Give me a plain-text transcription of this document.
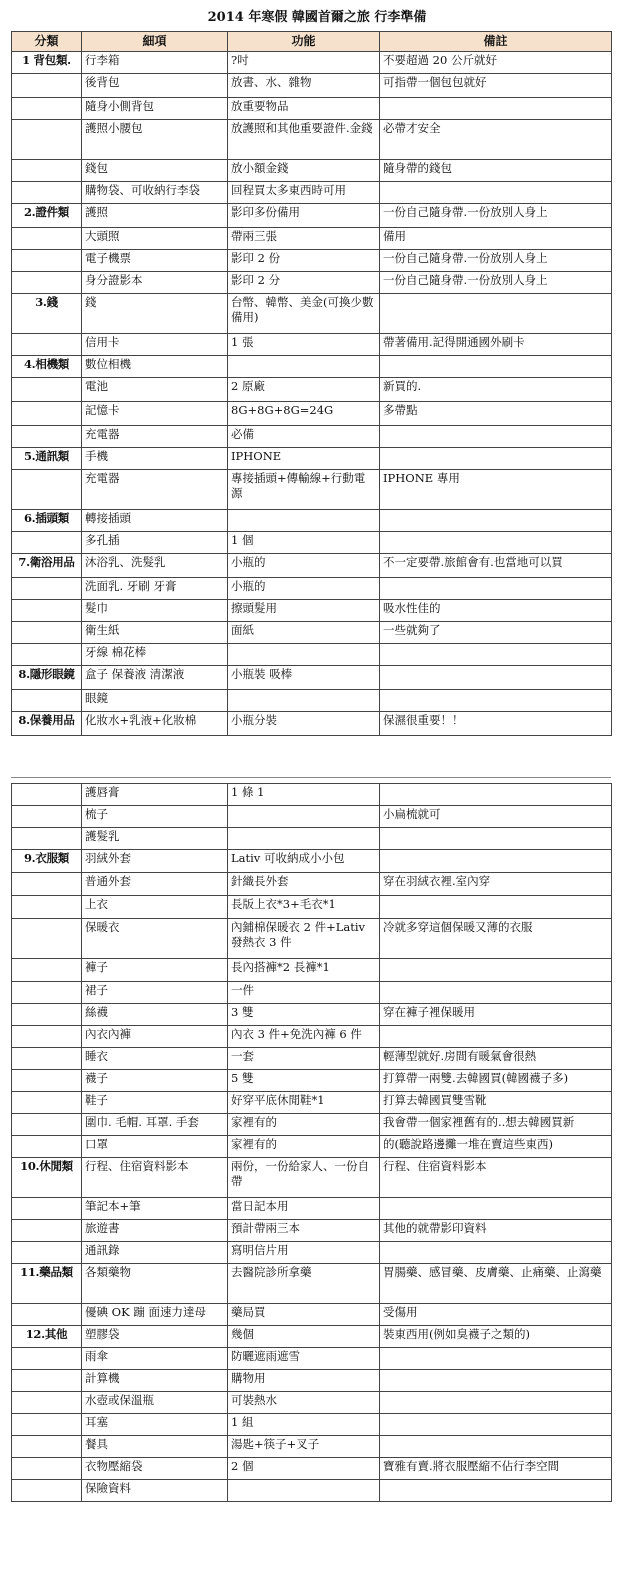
2014 年寒假 韓國首爾之旅 行李準備
分類	細項	功能	備註
1 背包類.	行李箱	?吋	不要超過 20 公斤就好
	後背包	放書、水、雜物	可指帶一個包包就好
	隨身小側背包	放重要物品	
	護照小腰包	放護照和其他重要證件.金錢	必帶才安全
	錢包	放小額金錢	隨身帶的錢包
	購物袋、可收納行李袋	回程買太多東西時可用	
2.證件類	護照	影印多份備用	一份自己隨身帶.一份放別人身上
	大頭照	帶兩三張	備用
	電子機票	影印 2 份	一份自己隨身帶.一份放別人身上
	身分證影本	影印 2 分	一份自己隨身帶.一份放別人身上
3.錢	錢	台幣、韓幣、美金(可換少數備用)	
	信用卡	1 張	帶著備用.記得開通國外刷卡
4.相機類	數位相機		
	電池	2 原廠	新買的.
	記憶卡	8G+8G+8G=24G	多帶點
	充電器	必備	
5.通訊類	手機	IPHONE	
	充電器	專接插頭+傳輸線+行動電源	IPHONE 專用
6.插頭類	轉接插頭		
	多孔插	1 個	
7.衛浴用品	沐浴乳、洗髮乳	小瓶的	不一定要帶.旅館會有.也當地可以買
	洗面乳. 牙刷 牙膏	小瓶的	
	髮巾	擦頭髮用	吸水性佳的
	衛生紙	面紙	一些就夠了
	牙線 棉花棒		
8.隱形眼鏡	盒子 保養液 清潔液	小瓶裝 吸棒	
	眼鏡		
8.保養用品	化妝水+乳液+化妝棉	小瓶分裝	保濕很重要！！
	護唇膏	1 條 1	
	梳子		小扁梳就可
	護髮乳		
9.衣服類	羽絨外套	Lativ 可收納成小小包	
	普通外套	針織長外套	穿在羽絨衣裡.室內穿
	上衣	長版上衣*3+毛衣*1	
	保暖衣	內鋪棉保暖衣 2 件+Lativ 發熱衣 3 件	冷就多穿這個保暖又薄的衣服
	褲子	長內搭褲*2 長褲*1	
	裙子	一件	
	絲襪	3 雙	穿在褲子裡保暖用
	內衣內褲	內衣 3 件+免洗內褲 6 件	
	睡衣	一套	輕薄型就好.房間有暖氣會很熱
	襪子	5 雙	打算帶一兩雙.去韓國買(韓國襪子多)
	鞋子	好穿平底休閒鞋*1	打算去韓國買雙雪靴
	圍巾. 毛帽. 耳罩. 手套	家裡有的	我會帶一個家裡舊有的..想去韓國買新
	口罩	家裡有的	的(聽說路邊攤一堆在賣這些東西)
10.休閒類	行程、住宿資料影本	兩份，一份給家人、一份自帶	行程、住宿資料影本
	筆記本+筆	當日記本用	
	旅遊書	預計帶兩三本	其他的就帶影印資料
	通訊錄	寫明信片用	
11.藥品類	各類藥物	去醫院診所拿藥	胃腸藥、感冒藥、皮膚藥、止痛藥、止瀉藥
	優碘 OK 蹦 面速力達母	藥局買	受傷用
12.其他	塑膠袋	幾個	裝東西用(例如臭襪子之類的)
	雨傘	防曬遮雨遮雪	
	計算機	購物用	
	水壺或保溫瓶	可裝熱水	
	耳塞	1 組	
	餐具	湯匙+筷子+叉子	
	衣物壓縮袋	2 個	寶雅有賣.將衣服壓縮不佔行李空間
	保險資料		
